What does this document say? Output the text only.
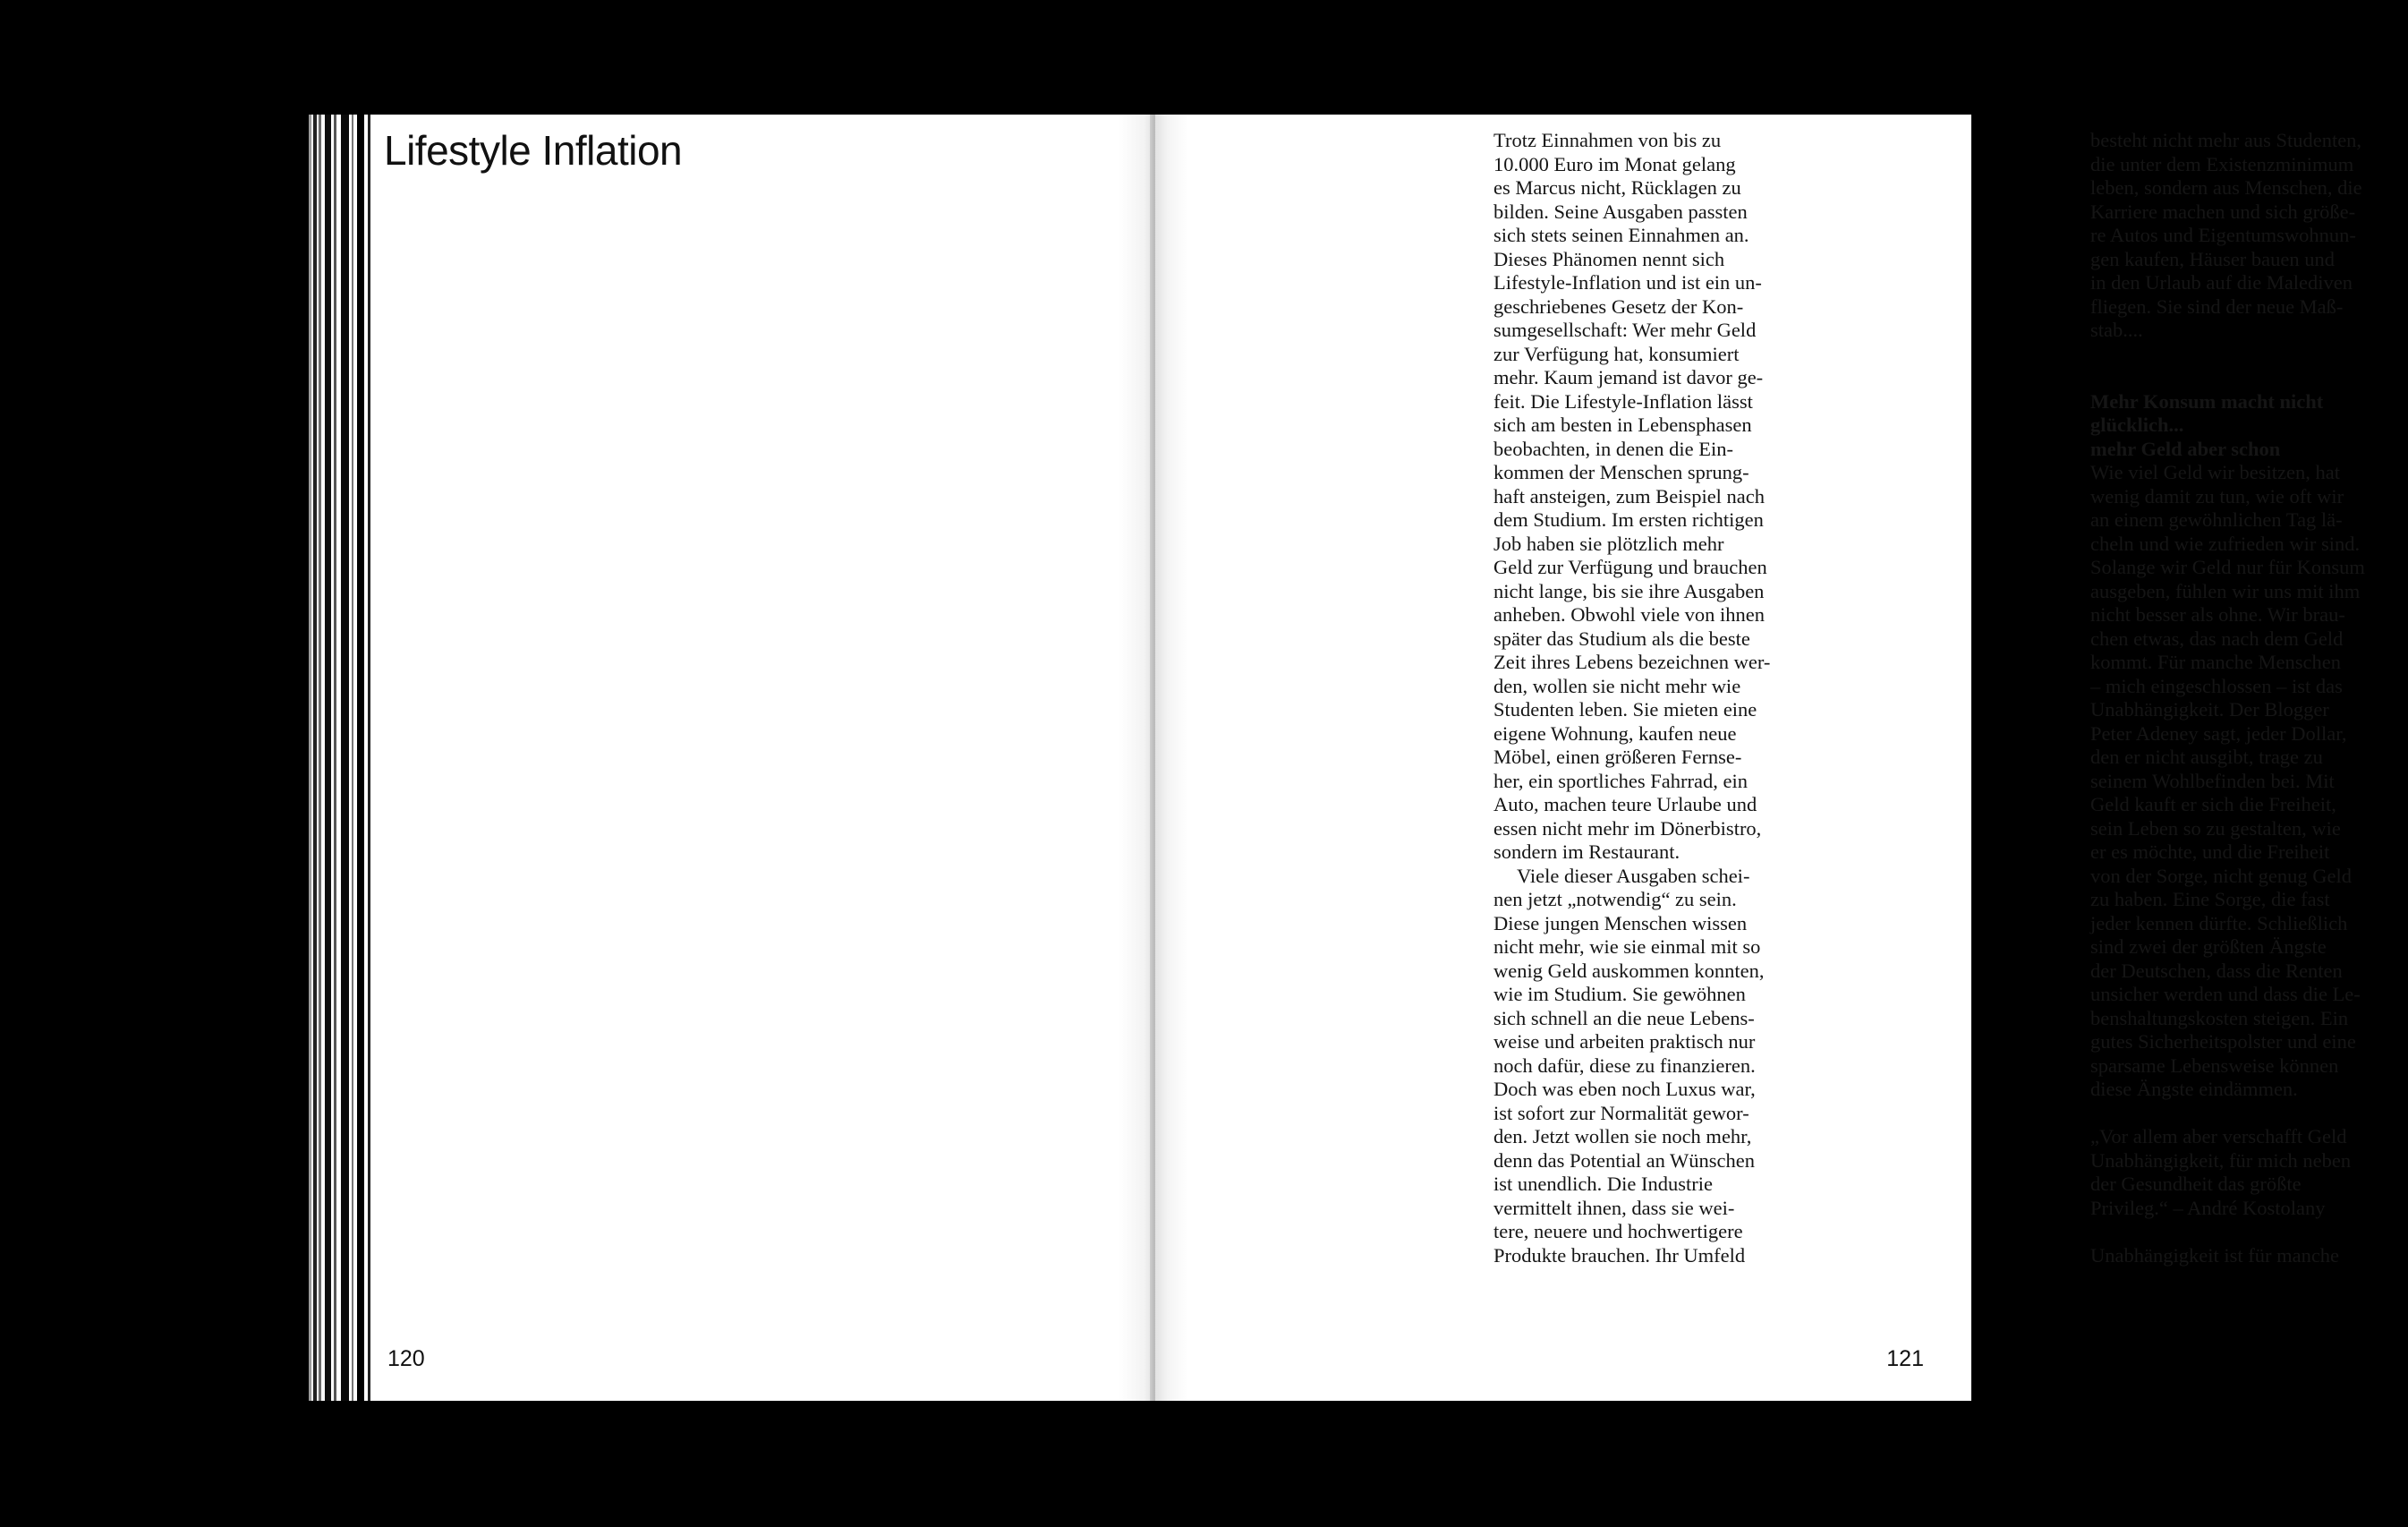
Lifestyle Inflation
120
Trotz Einnahmen von bis zu
10.000 Euro im Monat gelang
es Marcus nicht, Rücklagen zu
bilden. Seine Ausgaben passten
sich stets seinen Einnahmen an.
Dieses Phänomen nennt sich
Lifestyle-Inflation und ist ein un-
geschriebenes Gesetz der Kon-
sumgesellschaft: Wer mehr Geld
zur Verfügung hat, konsumiert
mehr. Kaum jemand ist davor ge-
feit. Die Lifestyle-Inflation lässt
sich am besten in Lebensphasen
beobachten, in denen die Ein-
kommen der Menschen sprung-
haft ansteigen, zum Beispiel nach
dem Studium. Im ersten richtigen
Job haben sie plötzlich mehr
Geld zur Verfügung und brauchen
nicht lange, bis sie ihre Ausgaben
anheben. Obwohl viele von ihnen
später das Studium als die beste
Zeit ihres Lebens bezeichnen wer-
den, wollen sie nicht mehr wie
Studenten leben. Sie mieten eine
eigene Wohnung, kaufen neue
Möbel, einen größeren Fernse-
her, ein sportliches Fahrrad, ein
Auto, machen teure Urlaube und
essen nicht mehr im Dönerbistro,
sondern im Restaurant.
Viele dieser Ausgaben schei-
nen jetzt „notwendig“ zu sein.
Diese jungen Menschen wissen
nicht mehr, wie sie einmal mit so
wenig Geld auskommen konnten,
wie im Studium. Sie gewöhnen
sich schnell an die neue Lebens-
weise und arbeiten praktisch nur
noch dafür, diese zu finanzieren.
Doch was eben noch Luxus war,
ist sofort zur Normalität gewor-
den. Jetzt wollen sie noch mehr,
denn das Potential an Wünschen
ist unendlich. Die Industrie
vermittelt ihnen, dass sie wei-
tere, neuere und hochwertigere
Produkte brauchen. Ihr Umfeld
besteht nicht mehr aus Studenten,
die unter dem Existenzminimum
leben, sondern aus Menschen, die
Karriere machen und sich größe-
re Autos und Eigentumswohnun-
gen kaufen, Häuser bauen und
in den Urlaub auf die Malediven
fliegen. Sie sind der neue Maß-
stab....
Mehr Konsum macht nicht
glücklich...
mehr Geld aber schon
Wie viel Geld wir besitzen, hat
wenig damit zu tun, wie oft wir
an einem gewöhnlichen Tag lä-
cheln und wie zufrieden wir sind.
Solange wir Geld nur für Konsum
ausgeben, fühlen wir uns mit ihm
nicht besser als ohne. Wir brau-
chen etwas, das nach dem Geld
kommt. Für manche Menschen
– mich eingeschlossen – ist das
Unabhängigkeit. Der Blogger
Peter Adeney sagt, jeder Dollar,
den er nicht ausgibt, trage zu
seinem Wohlbefinden bei. Mit
Geld kauft er sich die Freiheit,
sein Leben so zu gestalten, wie
er es möchte, und die Freiheit
von der Sorge, nicht genug Geld
zu haben. Eine Sorge, die fast
jeder kennen dürfte. Schließlich
sind zwei der größten Ängste
der Deutschen, dass die Renten
unsicher werden und dass die Le-
benshaltungskosten steigen. Ein
gutes Sicherheitspolster und eine
sparsame Lebensweise können
diese Ängste eindämmen.
„Vor allem aber verschafft Geld
Unabhängigkeit, für mich neben
der Gesundheit das größte
Privileg.“ – André Kostolany
Unabhängigkeit ist für manche
121
